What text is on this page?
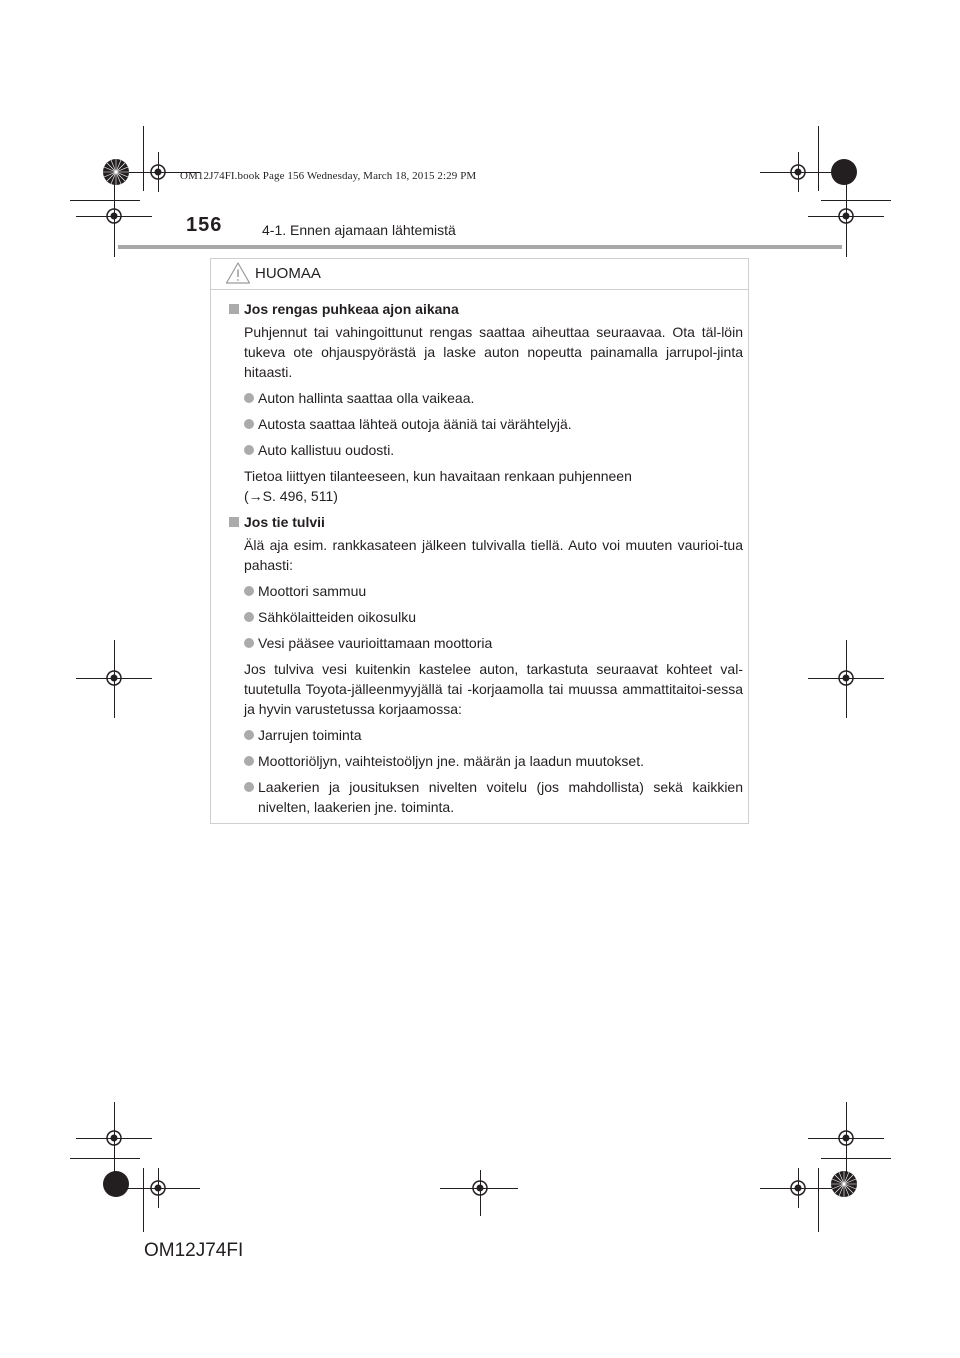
OM12J74FI.book Page 156 Wednesday, March 18, 2015 2:29 PM
156	4-1. Ennen ajamaan lähtemistä
HUOMAA
Jos rengas puhkeaa ajon aikana
Puhjennut tai vahingoittunut rengas saattaa aiheuttaa seuraavaa. Ota täl-löin tukeva ote ohjauspyörästä ja laske auton nopeutta painamalla jarrupol-jinta hitaasti.
Auton hallinta saattaa olla vaikeaa.
Autosta saattaa lähteä outoja ääniä tai värähtelyjä.
Auto kallistuu oudosti.
Tietoa liittyen tilanteeseen, kun havaitaan renkaan puhjenneen
(→S. 496, 511)
Jos tie tulvii
Älä aja esim. rankkasateen jälkeen tulvivalla tiellä. Auto voi muuten vaurioi-tua pahasti:
Moottori sammuu
Sähkölaitteiden oikosulku
Vesi pääsee vaurioittamaan moottoria
Jos tulviva vesi kuitenkin kastelee auton, tarkastuta seuraavat kohteet val-tuutetulla Toyota-jälleenmyyjällä tai -korjaamolla tai muussa ammattitaitoi-sessa ja hyvin varustetussa korjaamossa:
Jarrujen toiminta
Moottoriöljyn, vaihteistoöljyn jne. määrän ja laadun muutokset.
Laakerien ja jousituksen nivelten voitelu (jos mahdollista) sekä kaikkien nivelten, laakerien jne. toiminta.
OM12J74FI
